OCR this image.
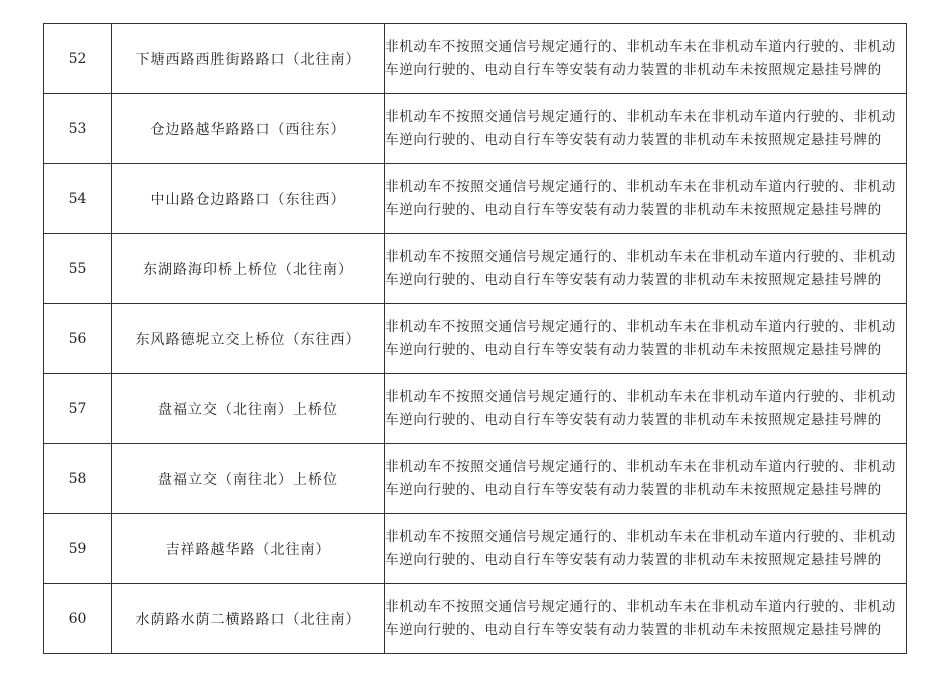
52	下塘西路西胜街路路口（北往南）	非机动车不按照交通信号规定通行的、非机动车未在非机动车道内行驶的、非机动车逆向行驶的、电动自行车等安装有动力装置的非机动车未按照规定悬挂号牌的
53	仓边路越华路路口（西往东）	非机动车不按照交通信号规定通行的、非机动车未在非机动车道内行驶的、非机动车逆向行驶的、电动自行车等安装有动力装置的非机动车未按照规定悬挂号牌的
54	中山路仓边路路口（东往西）	非机动车不按照交通信号规定通行的、非机动车未在非机动车道内行驶的、非机动车逆向行驶的、电动自行车等安装有动力装置的非机动车未按照规定悬挂号牌的
55	东湖路海印桥上桥位（北往南）	非机动车不按照交通信号规定通行的、非机动车未在非机动车道内行驶的、非机动车逆向行驶的、电动自行车等安装有动力装置的非机动车未按照规定悬挂号牌的
56	东风路德坭立交上桥位（东往西）	非机动车不按照交通信号规定通行的、非机动车未在非机动车道内行驶的、非机动车逆向行驶的、电动自行车等安装有动力装置的非机动车未按照规定悬挂号牌的
57	盘福立交（北往南）上桥位	非机动车不按照交通信号规定通行的、非机动车未在非机动车道内行驶的、非机动车逆向行驶的、电动自行车等安装有动力装置的非机动车未按照规定悬挂号牌的
58	盘福立交（南往北）上桥位	非机动车不按照交通信号规定通行的、非机动车未在非机动车道内行驶的、非机动车逆向行驶的、电动自行车等安装有动力装置的非机动车未按照规定悬挂号牌的
59	吉祥路越华路（北往南）	非机动车不按照交通信号规定通行的、非机动车未在非机动车道内行驶的、非机动车逆向行驶的、电动自行车等安装有动力装置的非机动车未按照规定悬挂号牌的
60	水荫路水荫二横路路口（北往南）	非机动车不按照交通信号规定通行的、非机动车未在非机动车道内行驶的、非机动车逆向行驶的、电动自行车等安装有动力装置的非机动车未按照规定悬挂号牌的
